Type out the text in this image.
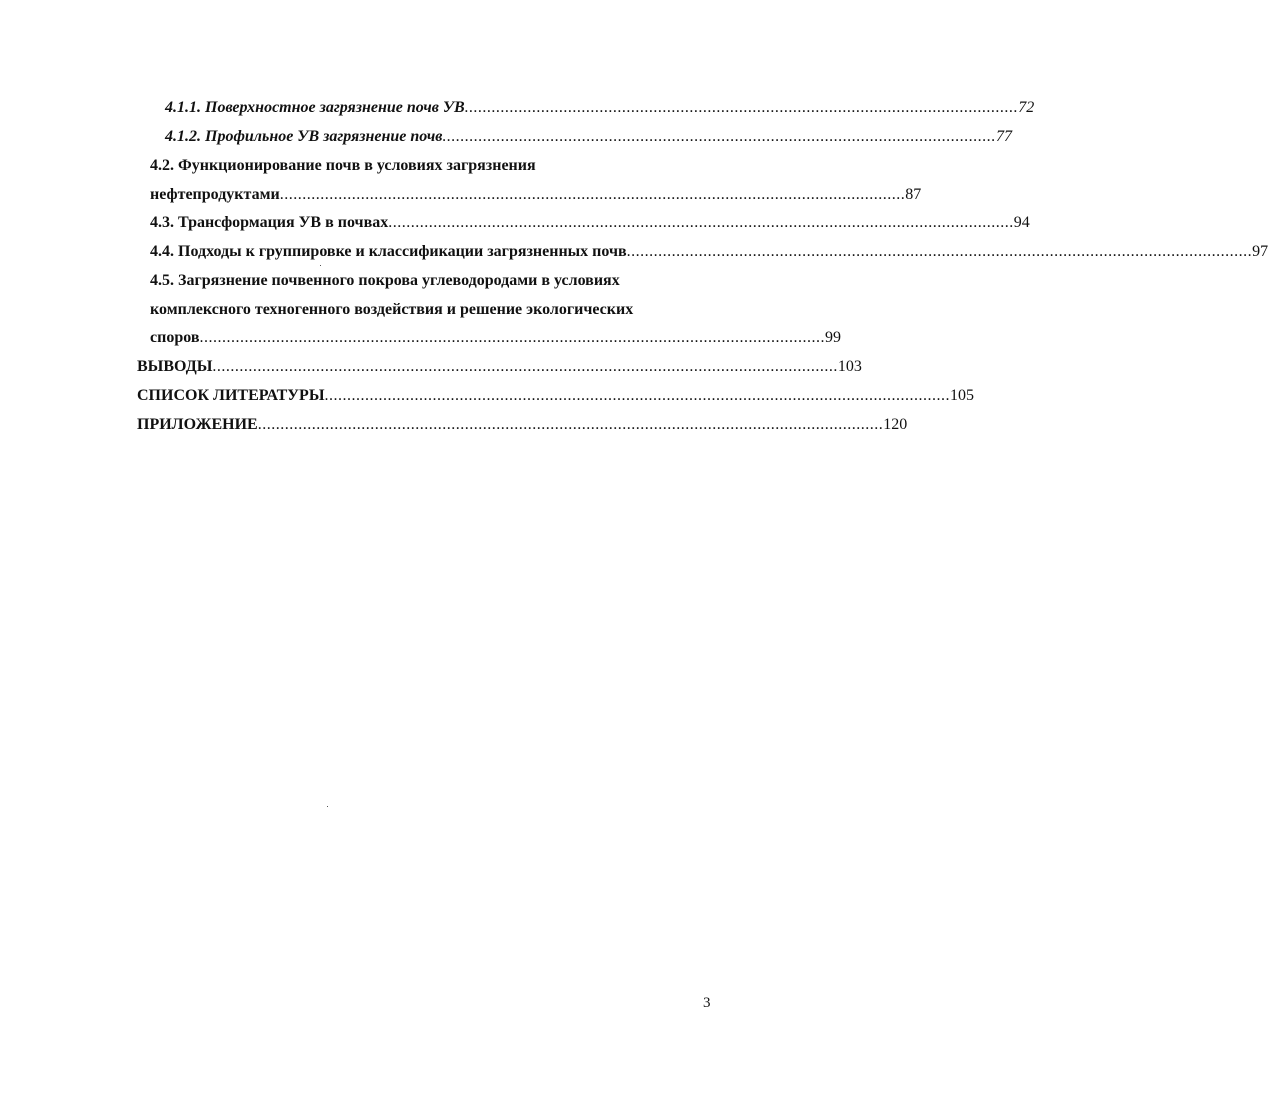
4.1.1. Поверхностное загрязнение почв УВ ........................................................................................................................... 72
4.1.2. Профильное УВ загрязнение почв ........................................................................................................................... 77
4.2. Функционирование почв в условиях загрязнения
нефтепродуктами ........................................................................................................................................... 87
4.3. Трансформация УВ в почвах ........................................................................................................................................... 94
4.4. Подходы к группировке и классификации загрязненных почв ........................................................................................................................................... 97
4.5. Загрязнение почвенного покрова углеводородами в условиях
комплексного техногенного воздействия и решение экологических
споров ........................................................................................................................................... 99
ВЫВОДЫ ........................................................................................................................................... 103
СПИСОК ЛИТЕРАТУРЫ ........................................................................................................................................... 105
ПРИЛОЖЕНИЕ ........................................................................................................................................... 120
3
